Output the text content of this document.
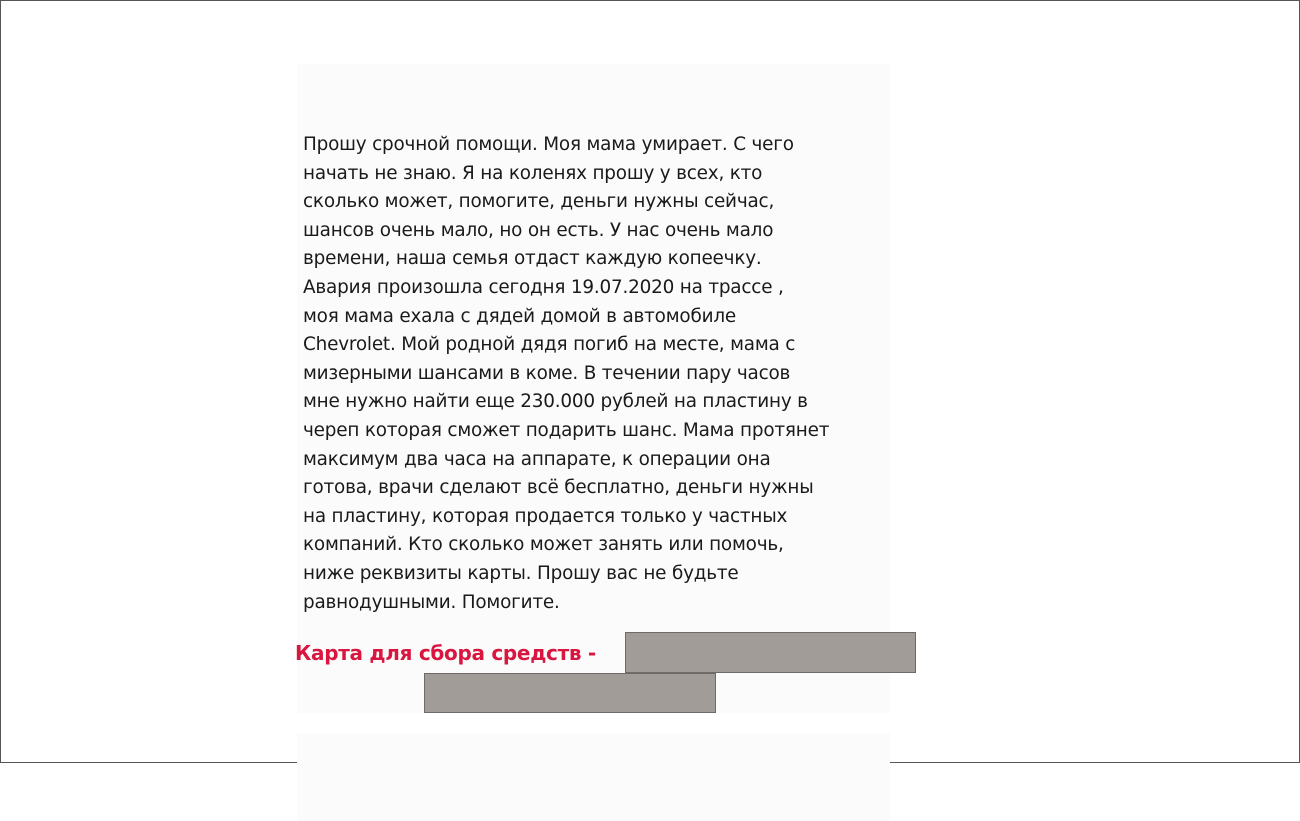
Прошу срочной помощи. Моя мама умирает. С чего
начать не знаю. Я на коленях прошу у всех, кто
сколько может, помогите, деньги нужны сейчас,
шансов очень мало, но он есть. У нас очень мало
времени, наша семья отдаст каждую копеечку.
Авария произошла сегодня 19.07.2020 на трассе ,
моя мама ехала с дядей домой в автомобиле
Chevrolet. Мой родной дядя погиб на месте, мама с
мизерными шансами в коме. В течении пару часов
мне нужно найти еще 230.000 рублей на пластину в
череп которая сможет подарить шанс. Мама протянет
максимум два часа на аппарате, к операции она
готова, врачи сделают всё бесплатно, деньги нужны
на пластину, которая продается только у частных
компаний. Кто сколько может занять или помочь,
ниже реквизиты карты. Прошу вас не будьте
равнодушными. Помогите.
Карта для сбора средств -
